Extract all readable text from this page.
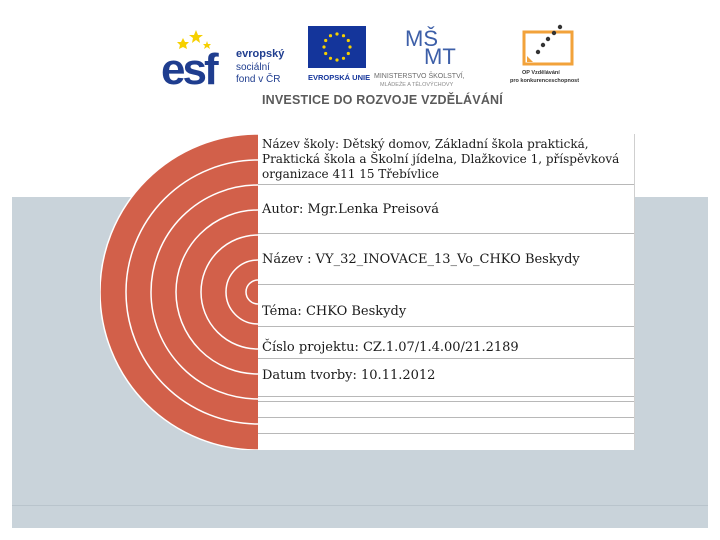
esf	evropský
sociální
fond v ČR	EVROPSKÁ UNIE
MŠ
MT
MINISTERSTVO ŠKOLSTVÍ,
MLÁDEŽE A TĚLOVÝCHOVY
OP Vzdělávání
pro konkurenceschopnost
INVESTICE DO ROZVOJE VZDĚLÁVÁNÍ
Název školy: Dětský domov, Základní škola praktická, Praktická škola a Školní jídelna, Dlažkovice 1, příspěvková organizace 411 15 Třebívlice
Autor: Mgr.Lenka Preisová
Název : VY_32_INOVACE_13_Vo_CHKO Beskydy
Téma: CHKO Beskydy
Číslo projektu: CZ.1.07/1.4.00/21.2189
Datum tvorby: 10.11.2012
